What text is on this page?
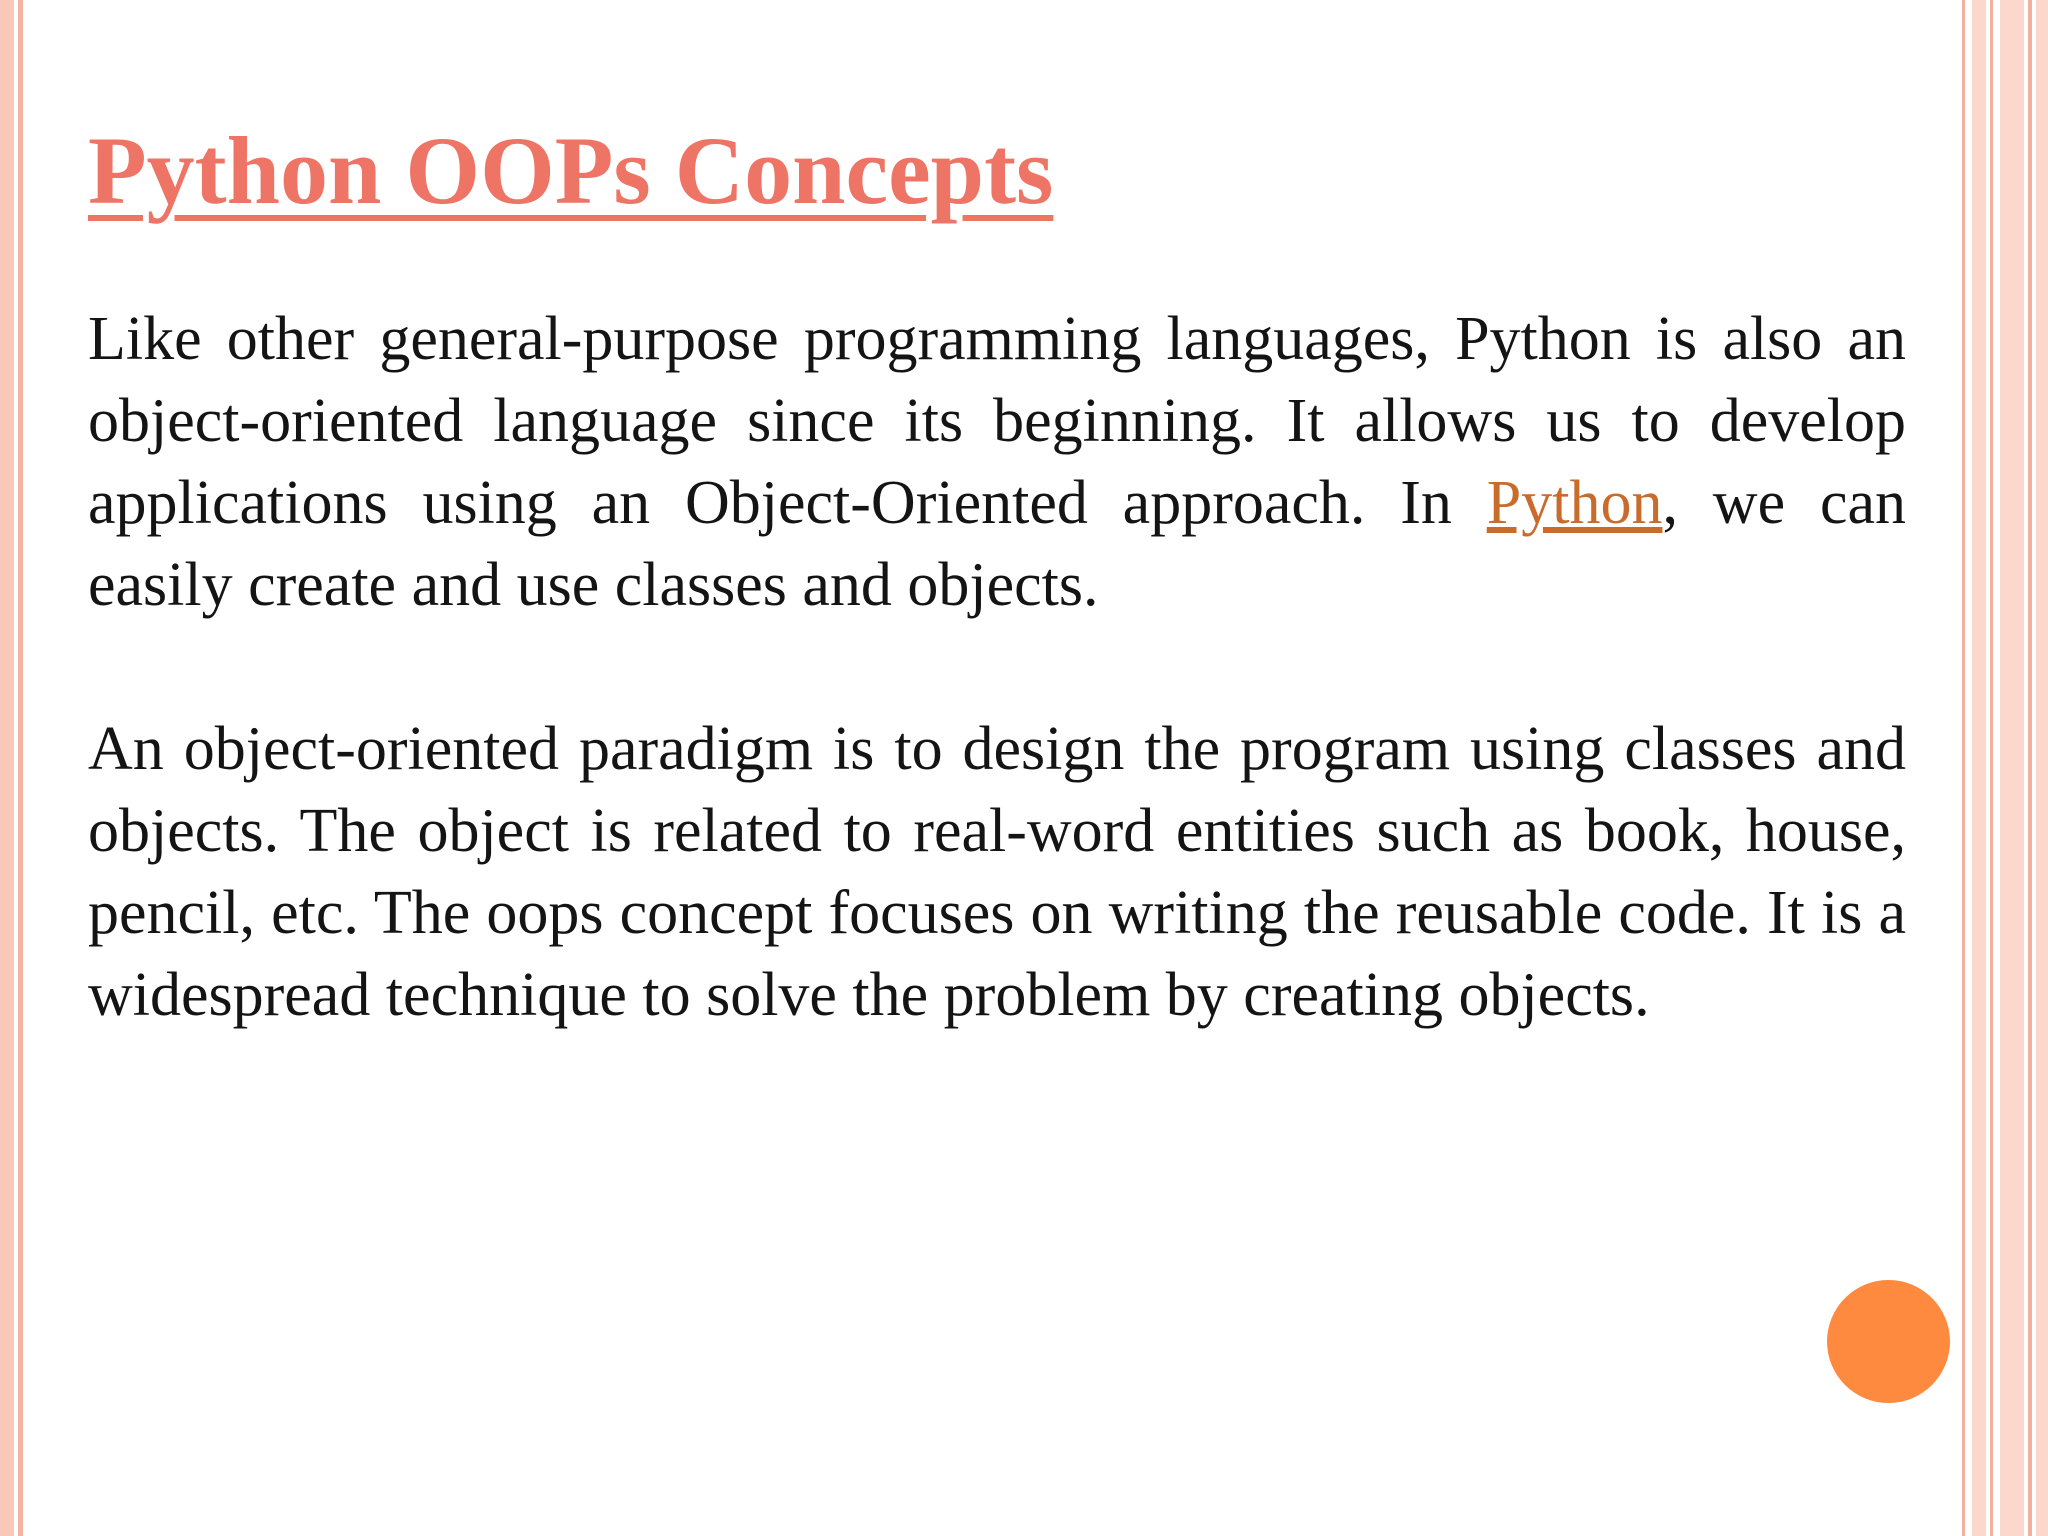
Python OOPs Concepts

Like other general-purpose programming languages, Python is also an object-oriented language since its beginning. It allows us to develop applications using an Object-Oriented approach. In Python, we can easily create and use classes and objects.

An object-oriented paradigm is to design the program using classes and objects. The object is related to real-word entities such as book, house, pencil, etc. The oops concept focuses on writing the reusable code. It is a widespread technique to solve the problem by creating objects.
